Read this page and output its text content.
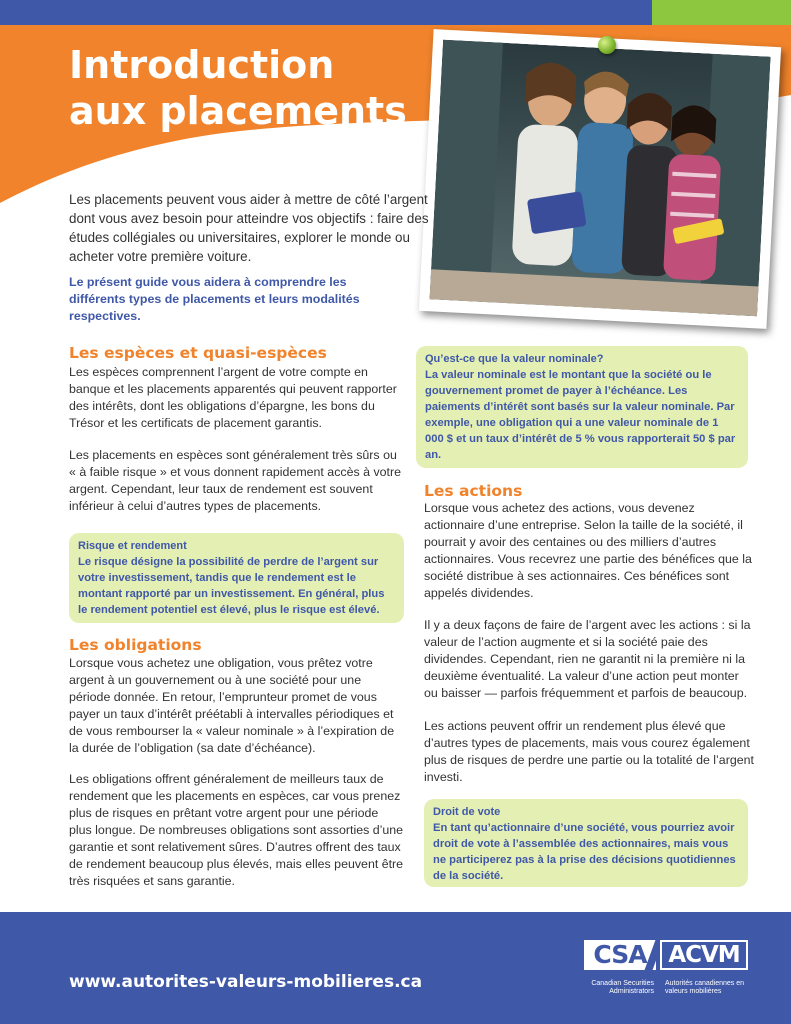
Introduction
aux placements

Les placements peuvent vous aider à mettre de côté l’argent dont vous avez besoin pour atteindre vos objectifs : faire des études collégiales ou universitaires, explorer le monde ou acheter votre première voiture.

Le présent guide vous aidera à comprendre les différents types de placements et leurs modalités respectives.

Les espèces et quasi-espèces

Les espèces comprennent l’argent de votre compte en banque et les placements apparentés qui peuvent rapporter des intérêts, dont les obligations d’épargne, les bons du Trésor et les certificats de placement garantis.

Les placements en espèces sont généralement très sûrs ou « à faible risque » et vous donnent rapidement accès à votre argent. Cependant, leur taux de rendement est souvent inférieur à celui d’autres types de placements.

Risque et rendement

Le risque désigne la possibilité de perdre de l’argent sur votre investissement, tandis que le rendement est le montant rapporté par un investissement. En général, plus le rendement potentiel est élevé, plus le risque est élevé.

Les obligations

Lorsque vous achetez une obligation, vous prêtez votre argent à un gouvernement ou à une société pour une période donnée. En retour, l’emprunteur promet de vous payer un taux d’intérêt préétabli à intervalles périodiques et de vous rembourser la « valeur nominale » à l’expiration de la durée de l’obligation (sa date d’échéance).

Les obligations offrent généralement de meilleurs taux de rendement que les placements en espèces, car vous prenez plus de risques en prêtant votre argent pour une période plus longue. De nombreuses obligations sont assorties d’une garantie et sont relativement sûres. D’autres offrent des taux de rendement beaucoup plus élevés, mais elles peuvent être très risquées et sans garantie.

Qu’est-ce que la valeur nominale?

La valeur nominale est le montant que la société ou le gouvernement promet de payer à l’échéance. Les paiements d’intérêt sont basés sur la valeur nominale. Par exemple, une obligation qui a une valeur nominale de 1 000 $ et un taux d’intérêt de 5 % vous rapporterait 50 $ par an.

Les actions

Lorsque vous achetez des actions, vous devenez actionnaire d’une entreprise. Selon la taille de la société, il pourrait y avoir des centaines ou des milliers d’autres actionnaires. Vous recevrez une partie des bénéfices que la société distribue à ses actionnaires. Ces bénéfices sont appelés dividendes.

Il y a deux façons de faire de l’argent avec les actions : si la valeur de l’action augmente et si la société paie des dividendes. Cependant, rien ne garantit ni la première ni la deuxième éventualité. La valeur d’une action peut monter ou baisser — parfois fréquemment et parfois de beaucoup.

Les actions peuvent offrir un rendement plus élevé que d’autres types de placements, mais vous courez également plus de risques de perdre une partie ou la totalité de l’argent investi.

Droit de vote

En tant qu’actionnaire d’une société, vous pourriez avoir droit de vote à l’assemblée des actionnaires, mais vous ne participerez pas à la prise des décisions quotidiennes de la société.

www.autorites-valeurs-mobilieres.ca

CSA ACVM

Canadian Securities Administrators

Autorités canadiennes en valeurs mobilières
